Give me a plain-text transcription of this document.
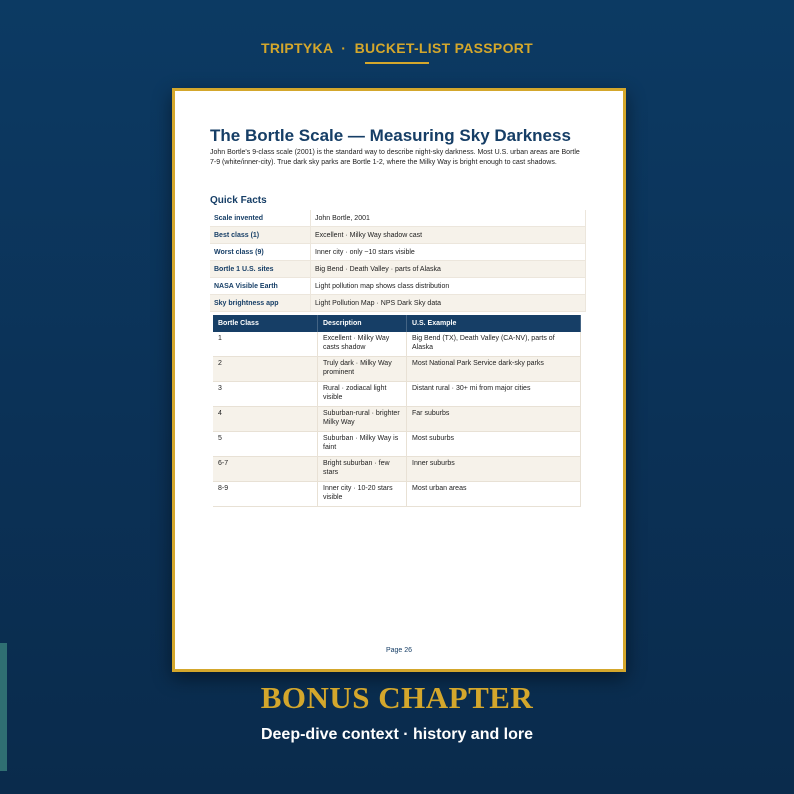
TRIPTYKA · BUCKET-LIST PASSPORT
The Bortle Scale — Measuring Sky Darkness
John Bortle's 9-class scale (2001) is the standard way to describe night-sky darkness. Most U.S. urban areas are Bortle 7-9 (white/inner-city). True dark sky parks are Bortle 1-2, where the Milky Way is bright enough to cast shadows.
Quick Facts
Scale invented	John Bortle, 2001
Best class (1)	Excellent · Milky Way shadow cast
Worst class (9)	Inner city · only ~10 stars visible
Bortle 1 U.S. sites	Big Bend · Death Valley · parts of Alaska
NASA Visible Earth	Light pollution map shows class distribution
Sky brightness app	Light Pollution Map · NPS Dark Sky data
Bortle Class	Description	U.S. Example
1	Excellent · Milky Way casts shadow	Big Bend (TX), Death Valley (CA-NV), parts of Alaska
2	Truly dark · Milky Way prominent	Most National Park Service dark-sky parks
3	Rural · zodiacal light visible	Distant rural · 30+ mi from major cities
4	Suburban-rural · brighter Milky Way	Far suburbs
5	Suburban · Milky Way is faint	Most suburbs
6-7	Bright suburban · few stars	Inner suburbs
8-9	Inner city · 10-20 stars visible	Most urban areas
Page 26
BONUS CHAPTER
Deep-dive context · history and lore
